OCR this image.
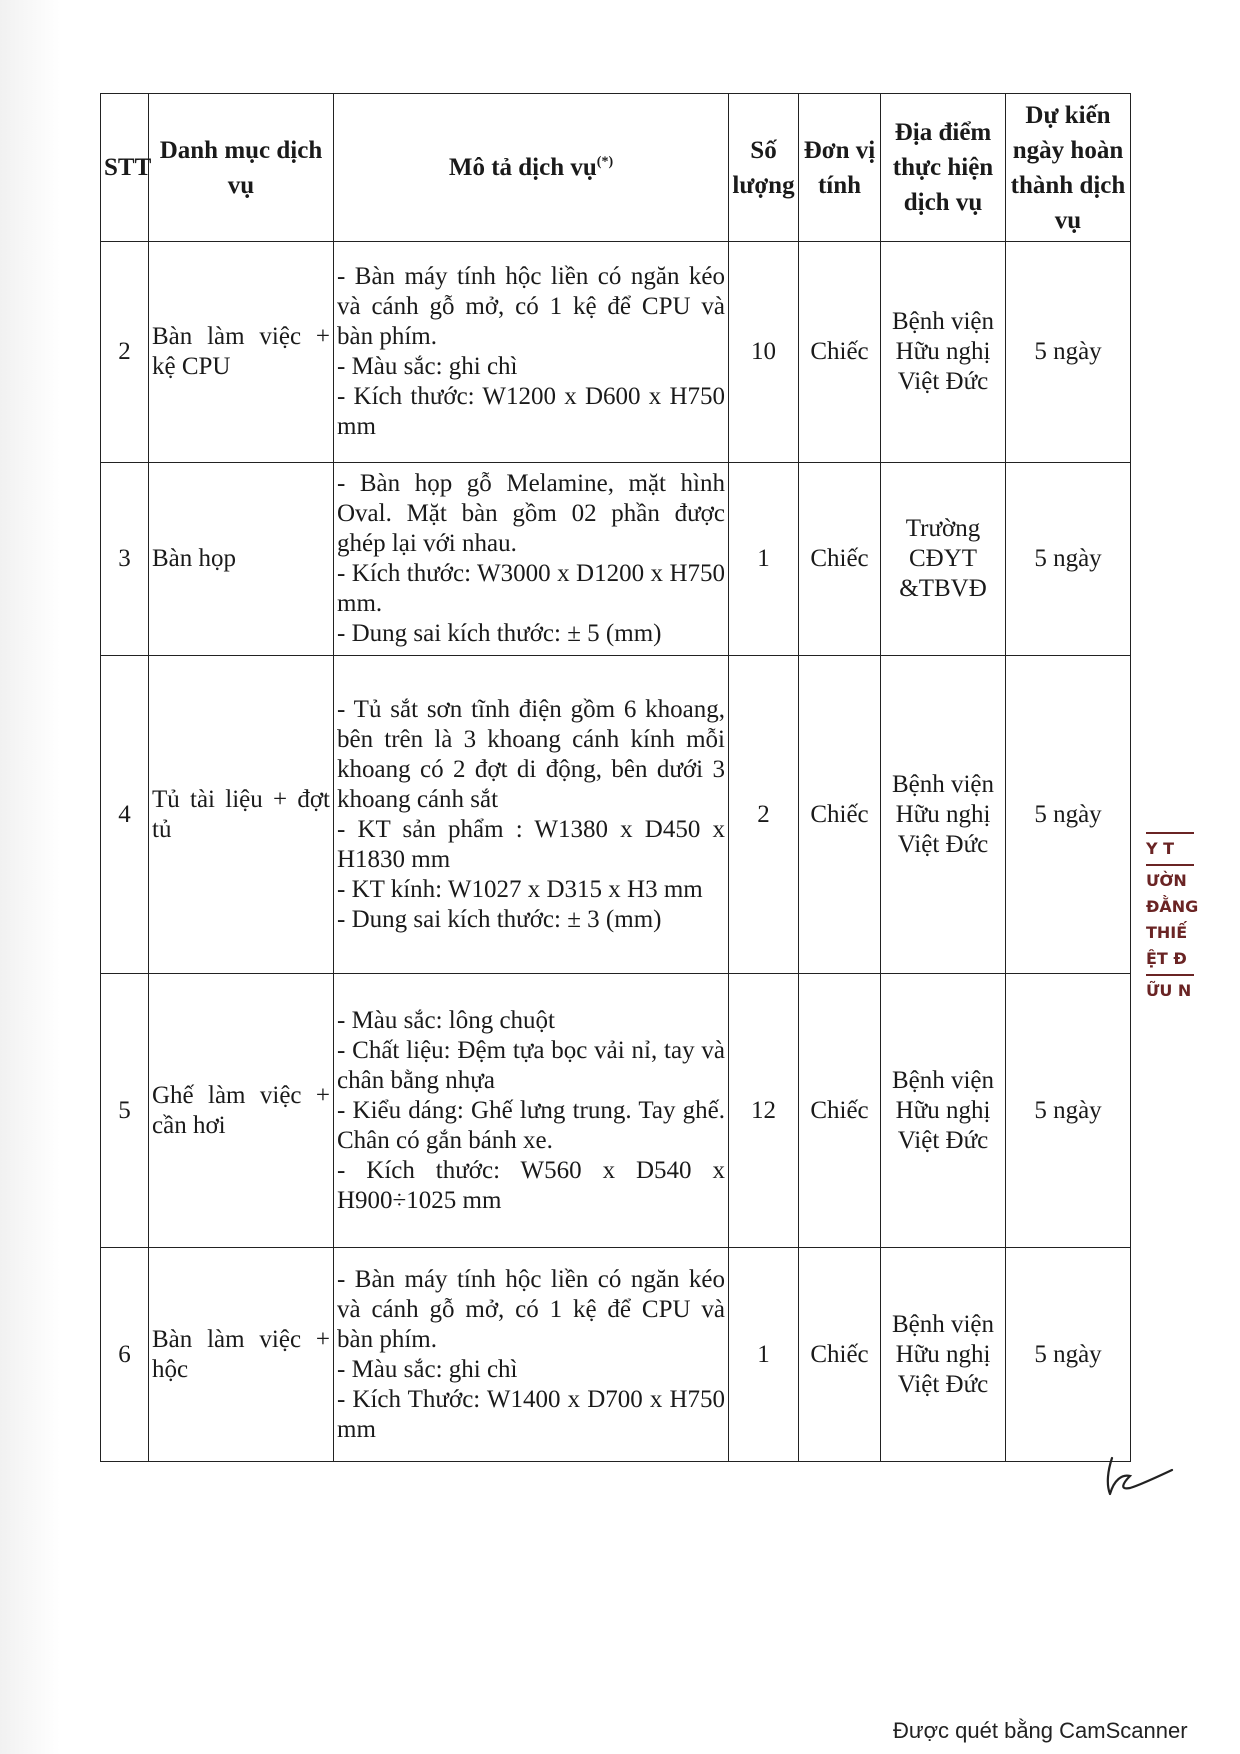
STT	Danh mục dịch vụ	Mô tả dịch vụ(*)	Số lượng	Đơn vị tính	Địa điểm thực hiện dịch vụ	Dự kiến ngày hoàn thành dịch vụ
2	Bàn làm việc + kệ CPU	- Bàn máy tính hộc liền có ngăn kéo và cánh gỗ mở, có 1 kệ để CPU và bàn phím.
- Màu sắc: ghi chì
- Kích thước: W1200 x D600 x H750 mm	10	Chiếc	Bệnh viện Hữu nghị Việt Đức	5 ngày
3	Bàn họp	- Bàn họp gỗ Melamine, mặt hình Oval. Mặt bàn gồm 02 phần được ghép lại với nhau.
- Kích thước: W3000 x D1200 x H750 mm.
- Dung sai kích thước: ± 5 (mm)	1	Chiếc	Trường CĐYT &TBVĐ	5 ngày
4	Tủ tài liệu + đợt tủ	- Tủ sắt sơn tĩnh điện gồm 6 khoang, bên trên là 3 khoang cánh kính mỗi khoang có 2 đợt di động, bên dưới 3 khoang cánh sắt
- KT sản phẩm : W1380 x D450 x H1830 mm
- KT kính: W1027 x D315 x H3 mm
- Dung sai kích thước: ± 3 (mm)	2	Chiếc	Bệnh viện Hữu nghị Việt Đức	5 ngày
5	Ghế làm việc + cần hơi	- Màu sắc: lông chuột
- Chất liệu: Đệm tựa bọc vải nỉ, tay và chân bằng nhựa
- Kiểu dáng: Ghế lưng trung. Tay ghế. Chân có gắn bánh xe.
- Kích thước: W560 x D540 x H900÷1025 mm	12	Chiếc	Bệnh viện Hữu nghị Việt Đức	5 ngày
6	Bàn làm việc + hộc	- Bàn máy tính hộc liền có ngăn kéo và cánh gỗ mở, có 1 kệ để CPU và bàn phím.
- Màu sắc: ghi chì
- Kích Thước: W1400 x D700 x H750 mm	1	Chiếc	Bệnh viện Hữu nghị Việt Đức	5 ngày
Y T
ƯỜN
ĐẰNG
THIẾ
ỆT Đ
ỮU N
Được quét bằng CamScanner
